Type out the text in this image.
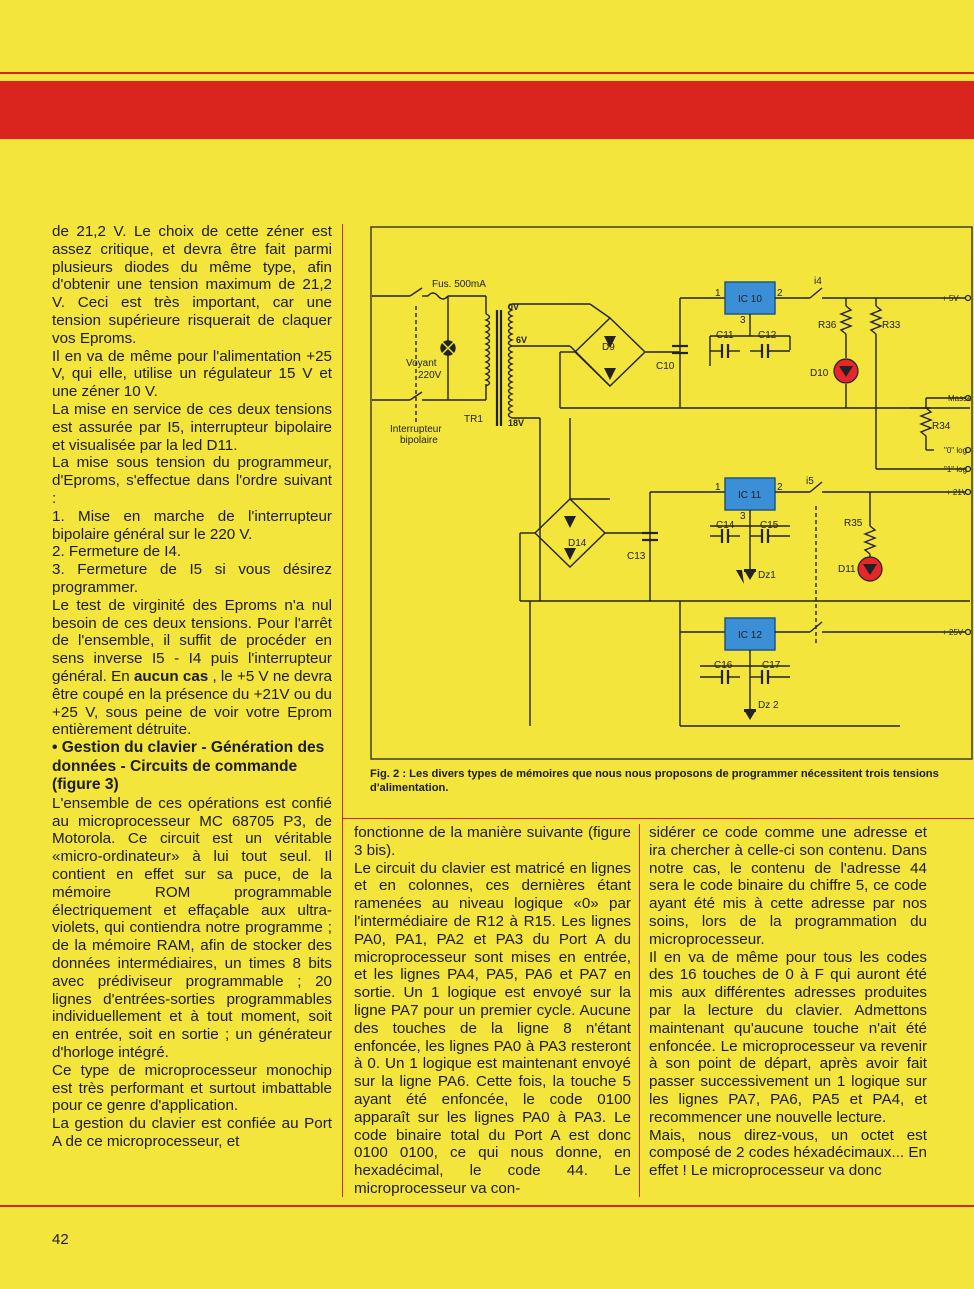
de 21,2 V. Le choix de cette zéner est assez critique, et devra être fait parmi plusieurs diodes du même type, afin d'obtenir une tension maximum de 21,2 V. Ceci est très important, car une tension supérieure risquerait de claquer vos Eproms.

Il en va de même pour l'alimentation +25 V, qui elle, utilise un régulateur 15 V et une zéner 10 V.

La mise en service de ces deux tensions est assurée par I5, interrupteur bipolaire et visualisée par la led D11.

La mise sous tension du programmeur, d'Eproms, s'effectue dans l'ordre suivant :

1. Mise en marche de l'interrupteur bipolaire général sur le 220 V.

2. Fermeture de I4.

3. Fermeture de I5 si vous désirez programmer.

Le test de virginité des Eproms n'a nul besoin de ces deux tensions. Pour l'arrêt de l'ensemble, il suffit de procéder en sens inverse I5 - I4 puis l'interrupteur général. En aucun cas , le +5 V ne devra être coupé en la présence du +21V ou du +25 V, sous peine de voir votre Eprom entièrement détruite.

• Gestion du clavier - Génération des données - Circuits de commande (figure 3)

L'ensemble de ces opérations est confié au microprocesseur MC 68705 P3, de Motorola. Ce circuit est un véritable «micro-ordinateur» à lui tout seul. Il contient en effet sur sa puce, de la mémoire ROM programmable électriquement et effaçable aux ultra-violets, qui contiendra notre programme ; de la mémoire RAM, afin de stocker des données intermédiaires, un times 8 bits avec prédiviseur programmable ; 20 lignes d'entrées-sorties programmables individuellement et à tout moment, soit en entrée, soit en sortie ; un générateur d'horloge intégré.

Ce type de microprocesseur monochip est très performant et surtout imbattable pour ce genre d'application.

La gestion du clavier est confiée au Port A de ce microprocesseur, et

Fus. 500mA
Voyant
220V
Interrupteur
bipolaire
TR1
0V
6V
18V
D9
D14
C10
C13
IC 10
IC 11
IC 12
1	2
3
1	2
3
C11 C12
C14	C15
C16	C17
Dz1
Dz 2
R36	R33
R34
R35
D10
D11
i4
i5
+ 5V
Masse
"0" log
"1" log
+ 21V
+ 25V
Fig. 2 : Les divers types de mémoires que nous nous proposons de programmer nécessitent trois tensions d'alimentation.

fonctionne de la manière suivante (figure 3 bis).

Le circuit du clavier est matricé en lignes et en colonnes, ces dernières étant ramenées au niveau logique «0» par l'intermédiaire de R12 à R15. Les lignes PA0, PA1, PA2 et PA3 du Port A du microprocesseur sont mises en entrée, et les lignes PA4, PA5, PA6 et PA7 en sortie. Un 1 logique est envoyé sur la ligne PA7 pour un premier cycle. Aucune des touches de la ligne 8 n'étant enfoncée, les lignes PA0 à PA3 resteront à 0. Un 1 logique est maintenant envoyé sur la ligne PA6. Cette fois, la touche 5 ayant été enfoncée, le code 0100 apparaît sur les lignes PA0 à PA3. Le code binaire total du Port A est donc 0100 0100, ce qui nous donne, en hexadécimal, le code 44. Le microprocesseur va con-

sidérer ce code comme une adresse et ira chercher à celle-ci son contenu. Dans notre cas, le contenu de l'adresse 44 sera le code binaire du chiffre 5, ce code ayant été mis à cette adresse par nos soins, lors de la programmation du microprocesseur.

Il en va de même pour tous les codes des 16 touches de 0 à F qui auront été mis aux différentes adresses produites par la lecture du clavier. Admettons maintenant qu'aucune touche n'ait été enfoncée. Le microprocesseur va revenir à son point de départ, après avoir fait passer successivement un 1 logique sur les lignes PA7, PA6, PA5 et PA4, et recommencer une nouvelle lecture.

Mais, nous direz-vous, un octet est composé de 2 codes héxadécimaux... En effet ! Le microprocesseur va donc

42
